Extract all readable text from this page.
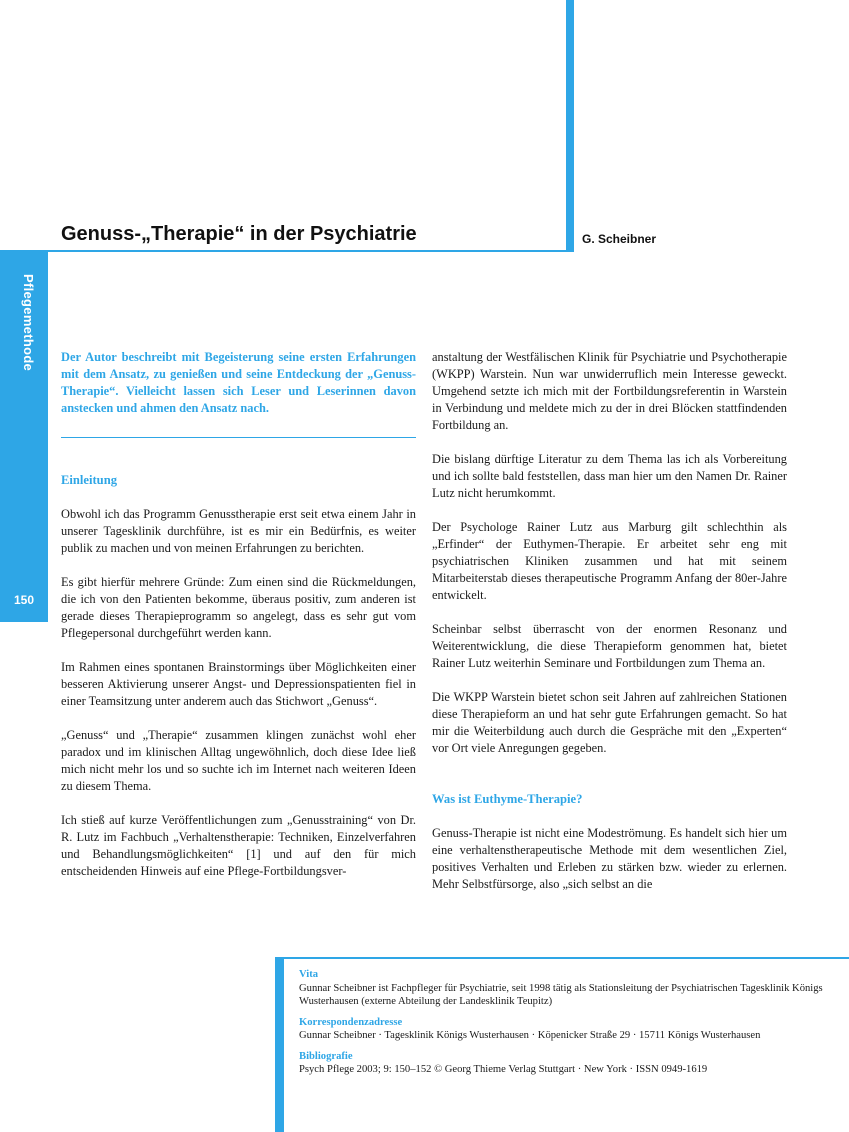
Genuss-„Therapie“ in der Psychiatrie	G. Scheibner
Pflegemethode
150

Der Autor beschreibt mit Begeisterung seine ersten Erfahrungen mit dem Ansatz, zu genießen und seine Entdeckung der „Genuss-Therapie“. Vielleicht lassen sich Leser und Leserinnen davon anstecken und ahmen den Ansatz nach.

Einleitung

Obwohl ich das Programm Genusstherapie erst seit etwa einem Jahr in unserer Tagesklinik durchführe, ist es mir ein Bedürfnis, es weiter publik zu machen und von meinen Erfahrungen zu berichten.

Es gibt hierfür mehrere Gründe: Zum einen sind die Rückmeldungen, die ich von den Patienten bekomme, überaus positiv, zum anderen ist gerade dieses Therapieprogramm so angelegt, dass es sehr gut vom Pflegepersonal durchgeführt werden kann.

Im Rahmen eines spontanen Brainstormings über Möglichkeiten einer besseren Aktivierung unserer Angst- und Depressionspatienten fiel in einer Teamsitzung unter anderem auch das Stichwort „Genuss“.

„Genuss“ und „Therapie“ zusammen klingen zunächst wohl eher paradox und im klinischen Alltag ungewöhnlich, doch diese Idee ließ mich nicht mehr los und so suchte ich im Internet nach weiteren Ideen zu diesem Thema.

Ich stieß auf kurze Veröffentlichungen zum „Genusstraining“ von Dr. R. Lutz im Fachbuch „Verhaltenstherapie: Techniken, Einzelverfahren und Behandlungsmöglichkeiten“ [1] und auf den für mich entscheidenden Hinweis auf eine Pflege-Fortbildungsver-

anstaltung der Westfälischen Klinik für Psychiatrie und Psychotherapie (WKPP) Warstein. Nun war unwiderruflich mein Interesse geweckt. Umgehend setzte ich mich mit der Fortbildungsreferentin in Warstein in Verbindung und meldete mich zu der in drei Blöcken stattfindenden Fortbildung an.

Die bislang dürftige Literatur zu dem Thema las ich als Vorbereitung und ich sollte bald feststellen, dass man hier um den Namen Dr. Rainer Lutz nicht herumkommt.

Der Psychologe Rainer Lutz aus Marburg gilt schlechthin als „Erfinder“ der Euthymen-Therapie. Er arbeitet sehr eng mit psychiatrischen Kliniken zusammen und hat mit seinem Mitarbeiterstab dieses therapeutische Programm Anfang der 80er-Jahre entwickelt.

Scheinbar selbst überrascht von der enormen Resonanz und Weiterentwicklung, die diese Therapieform genommen hat, bietet Rainer Lutz weiterhin Seminare und Fortbildungen zum Thema an.

Die WKPP Warstein bietet schon seit Jahren auf zahlreichen Stationen diese Therapieform an und hat sehr gute Erfahrungen gemacht. So hat mir die Weiterbildung auch durch die Gespräche mit den „Experten“ vor Ort viele Anregungen gegeben.

Was ist Euthyme-Therapie?

Genuss-Therapie ist nicht eine Modeströmung. Es handelt sich hier um eine verhaltenstherapeutische Methode mit dem wesentlichen Ziel, positives Verhalten und Erleben zu stärken bzw. wieder zu erlernen. Mehr Selbstfürsorge, also „sich selbst an die

Vita
Gunnar Scheibner ist Fachpfleger für Psychiatrie, seit 1998 tätig als Stationsleitung der Psychiatrischen Tagesklinik Königs Wusterhausen (externe Abteilung der Landesklinik Teupitz)
Korrespondenzadresse
Gunnar Scheibner · Tagesklinik Königs Wusterhausen · Köpenicker Straße 29 · 15711 Königs Wusterhausen
Bibliografie
Psych Pflege 2003; 9: 150–152 © Georg Thieme Verlag Stuttgart · New York · ISSN 0949-1619
